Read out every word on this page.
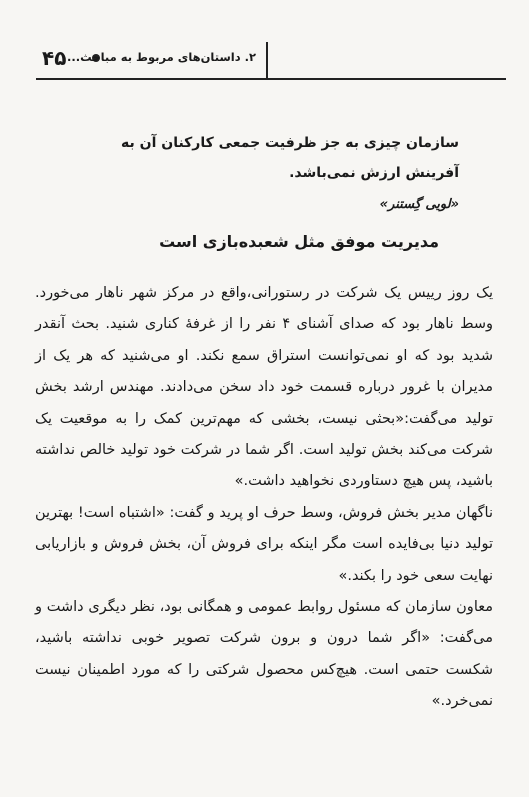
۴۵ ۲. داستان‌های مربوط به مباحث...

سازمان چیزی به جز ظرفیت جمعی کارکنان آن به

آفرینش ارزش نمی‌باشد.

«لویی گِستنر»

مدیریت موفق مثل شعبده‌بازی است

یک روز رییس یک شرکت در رستورانی،واقع در مرکز شهر ناهار می‌خورد. وسط ناهار بود که صدای آشنای ۴ نفر را از غرفهٔ کناری شنید. بحث آنقدر شدید بود که او نمی‌توانست استراق سمع نکند. او می‌شنید که هر یک از مدیران با غرور درباره قسمت خود داد سخن می‌دادند. مهندس ارشد بخش تولید می‌گفت:«بحثی نیست، بخشی که مهم‌ترین کمک را به موقعیت یک شرکت می‌کند بخش تولید است. اگر شما در شرکت خود تولید خالص نداشته باشید، پس هیچ دستاوردی نخواهید داشت.»

ناگهان مدیر بخش فروش، وسط حرف او پرید و گفت: «اشتباه است! بهترین تولید دنیا بی‌فایده است مگر اینکه برای فروش آن، بخش فروش و بازاریابی نهایت سعی خود را بکند.»

معاون سازمان که مسئول روابط عمومی و همگانی بود، نظر دیگری داشت و می‌گفت: «اگر شما درون و برون شرکت تصویر خوبی نداشته باشید، شکست حتمی است. هیچ‌کس محصول شرکتی را که مورد اطمینان نیست نمی‌خرد.»
